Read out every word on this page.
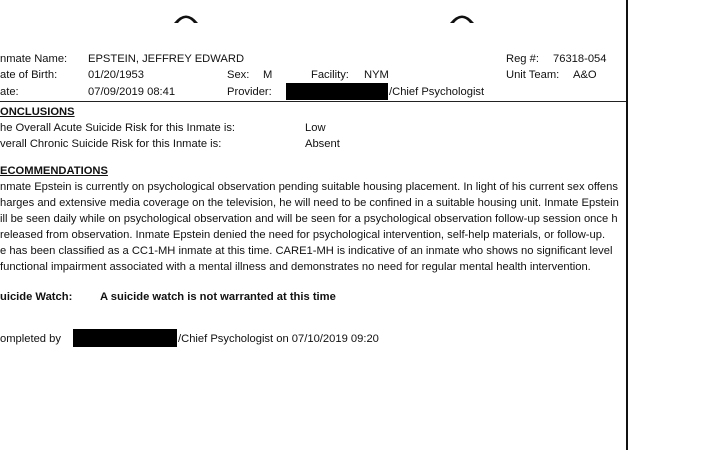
nmate Name: EPSTEIN, JEFFREY EDWARD	Reg #: 76318-054
ate of Birth:	01/20/1953	Sex: M	Facility: NYM	Unit Team: A&O
ate:	07/09/2019 08:41	Provider:	/Chief Psychologist
ONCLUSIONS
he Overall Acute Suicide Risk for this Inmate is:	Low
verall Chronic Suicide Risk for this Inmate is:	Absent
ECOMMENDATIONS
nmate Epstein is currently on psychological observation pending suitable housing placement. In light of his current sex offens
harges and extensive media coverage on the television, he will need to be confined in a suitable housing unit. Inmate Epstein
ill be seen daily while on psychological observation and will be seen for a psychological observation follow-up session once h
released from observation. Inmate Epstein denied the need for psychological intervention, self-help materials, or follow-up.
e has been classified as a CC1-MH inmate at this time. CARE1-MH is indicative of an inmate who shows no significant level
functional impairment associated with a mental illness and demonstrates no need for regular mental health intervention.
uicide Watch: A suicide watch is not warranted at this time
ompleted by	/Chief Psychologist on 07/10/2019 09:20
